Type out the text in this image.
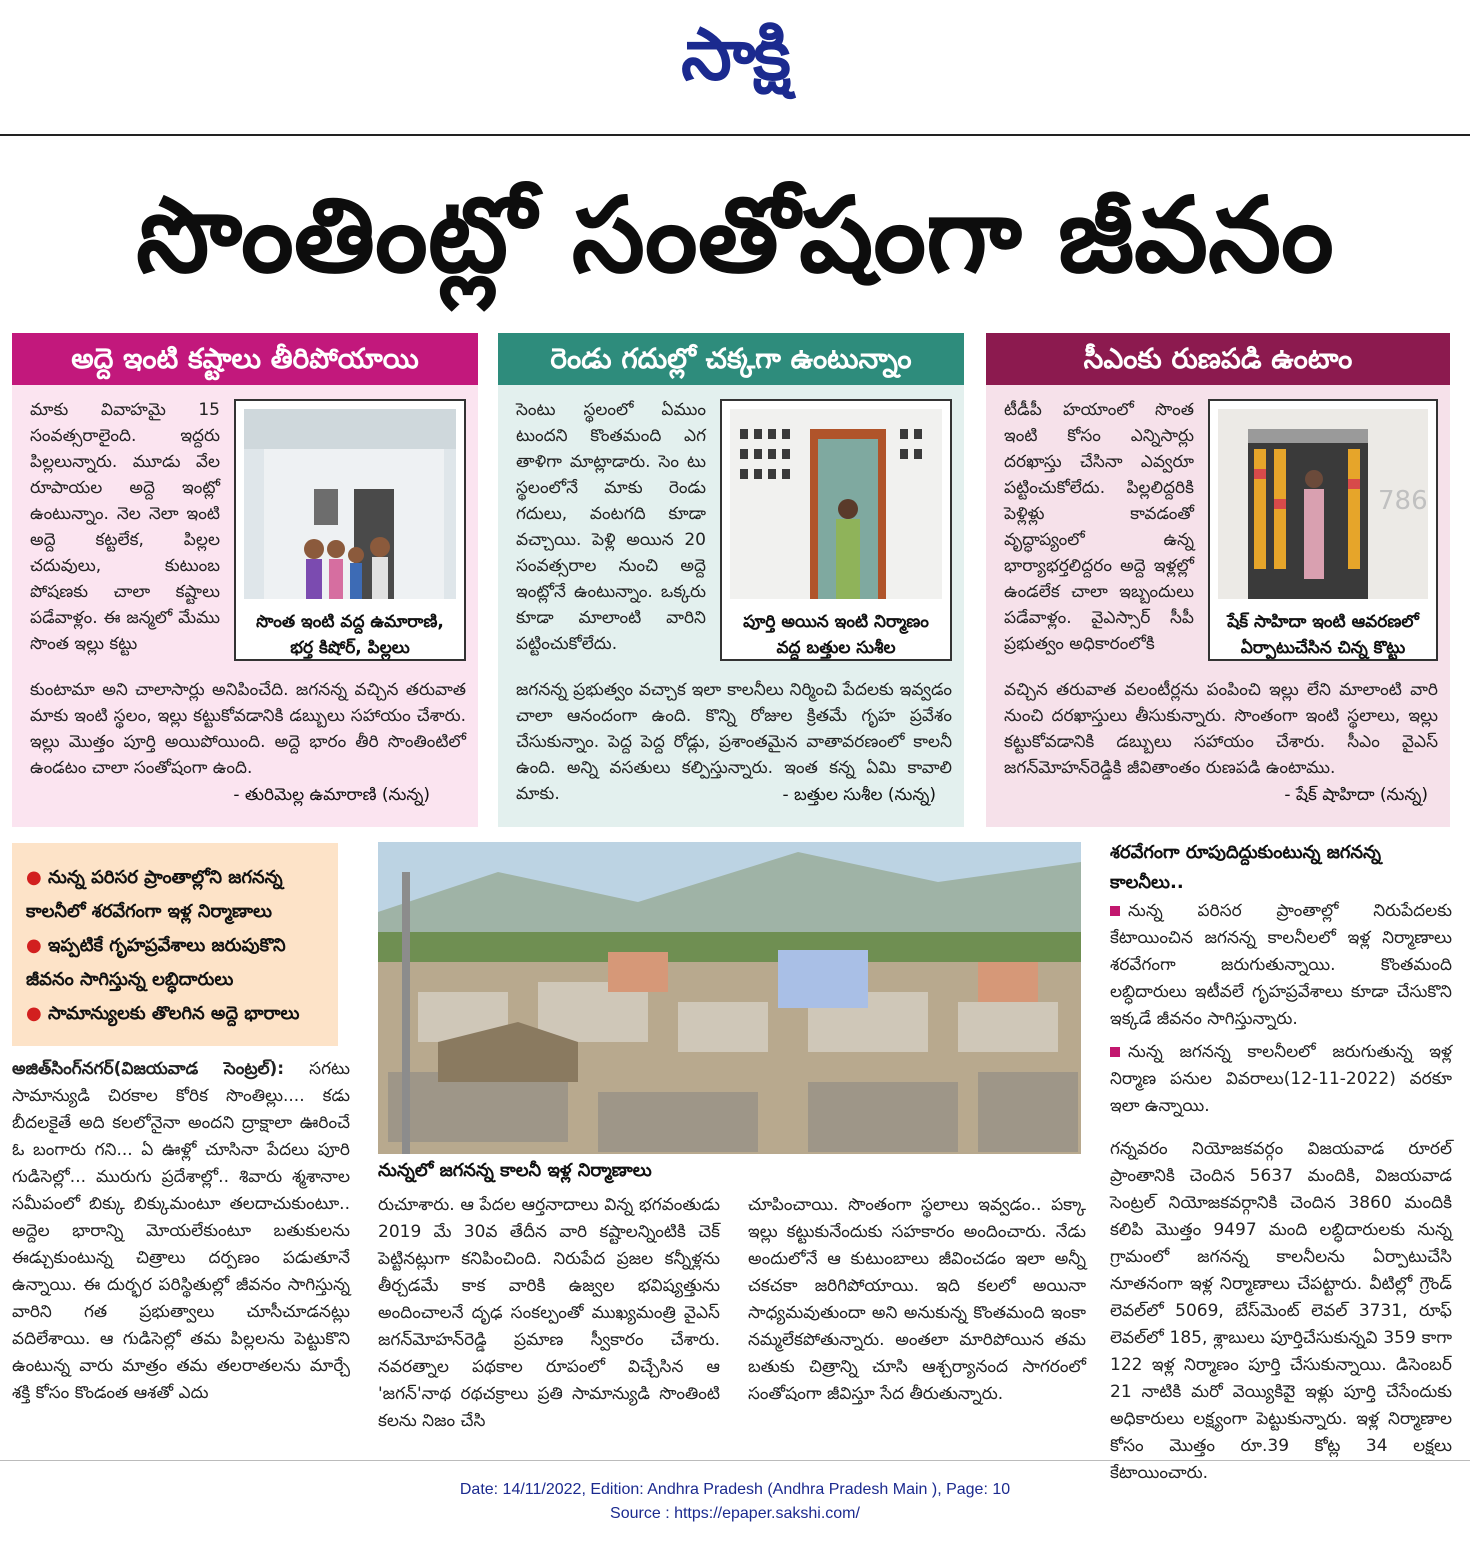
సాక్షి
సొంతింట్లో సంతోషంగా జీవనం
అద్దె ఇంటి కష్టాలు తీరిపోయాయి
మాకు వివాహమై 15 సంవత్సరాలైంది. ఇద్దరు పిల్లలున్నారు. మూడు వేల రూపాయల అద్దె ఇంట్లో ఉంటున్నాం. నెల నెలా ఇంటి అద్దె కట్టలేక, పిల్లల చదువులు, కుటుంబ పోషణకు చాలా కష్టాలు పడేవాళ్లం. ఈ జన్మలో మేము సొంత ఇల్లు కట్టు
సొంత ఇంటి వద్ద ఉమారాణి, భర్త కిషోర్, పిల్లలు
కుంటామా అని చాలాసార్లు అనిపించేది. జగనన్న వచ్చిన తరువాత మాకు ఇంటి స్థలం, ఇల్లు కట్టుకోవడానికి డబ్బులు సహాయం చేశారు. ఇల్లు మొత్తం పూర్తి అయిపోయింది. అద్దె భారం తీరి సొంతింటిలో ఉండటం చాలా సంతోషంగా ఉంది.
- తురిమెల్ల ఉమారాణి (నున్న)
రెండు గదుల్లో చక్కగా ఉంటున్నాం
సెంటు స్థలంలో ఏముం టుందని కొంతమంది ఎగ తాళిగా మాట్లాడారు. సెం టు స్థలంలోనే మాకు రెండు గదులు, వంటగది కూడా వచ్చాయి. పెళ్లి అయిన 20 సంవత్సరాల నుంచి అద్దె ఇంట్లోనే ఉంటున్నాం. ఒక్కరు కూడా మాలాంటి వారిని పట్టించుకోలేదు.
పూర్తి అయిన ఇంటి నిర్మాణం వద్ద బత్తుల సుశీల
జగనన్న ప్రభుత్వం వచ్చాక ఇలా కాలనీలు నిర్మించి పేదలకు ఇవ్వడం చాలా ఆనందంగా ఉంది. కొన్ని రోజుల క్రితమే గృహ ప్రవేశం చేసుకున్నాం. పెద్ద పెద్ద రోడ్లు, ప్రశాంతమైన వాతావరణంలో కాలనీ ఉంది. అన్ని వసతులు కల్పిస్తున్నారు. ఇంత కన్న ఏమి కావాలి మాకు.	- బత్తుల సుశీల (నున్న)
సీఎంకు రుణపడి ఉంటాం
టీడీపీ హయాంలో సొంత ఇంటి కోసం ఎన్నిసార్లు దరఖాస్తు చేసినా ఎవ్వరూ పట్టించుకోలేదు. పిల్లలిద్దరికి పెళ్లిళ్లు కావడంతో వృద్ధాప్యంలో ఉన్న భార్యాభర్తలిద్దరం అద్దె ఇళ్లల్లో ఉండలేక చాలా ఇబ్బందులు పడేవాళ్లం. వైఎస్సార్ సీపీ ప్రభుత్వం అధికారంలోకి
786
షేక్ సాహిదా ఇంటి ఆవరణలో ఏర్పాటుచేసిన చిన్న కొట్టు
వచ్చిన తరువాత వలంటీర్లను పంపించి ఇల్లు లేని మాలాంటి వారి నుంచి దరఖాస్తులు తీసుకున్నారు. సొంతంగా ఇంటి స్థలాలు, ఇల్లు కట్టుకోవడానికి డబ్బులు సహాయం చేశారు. సీఎం వైఎస్ జగన్‌మోహన్‌రెడ్డికి జీవితాంతం రుణపడి ఉంటాము.
- షేక్ షాహిదా (నున్న)
● నున్న పరిసర ప్రాంతాల్లోని జగనన్న కాలనీలో శరవేగంగా ఇళ్ల నిర్మాణాలు
● ఇప్పటికే గృహప్రవేశాలు జరుపుకొని జీవనం సాగిస్తున్న లబ్ధిదారులు
● సామాన్యులకు తొలగిన అద్దె భారాలు
నున్నలో జగనన్న కాలనీ ఇళ్ల నిర్మాణాలు
అజిత్‌సింగ్‌నగర్(విజయవాడ సెంట్రల్): సగటు సామాన్యుడి చిరకాల కోరిక సొంతిల్లు.... కడు బీదలకైతే అది కలలోనైనా అందని ద్రాక్షాలా ఊరించే ఓ బంగారు గని... ఏ ఊళ్లో చూసినా పేదలు పూరి గుడిసెల్లో... మురుగు ప్రదేశాల్లో.. శివారు శ్మశానాల సమీపంలో బిక్కు బిక్కుమంటూ తలదాచుకుంటూ.. అద్దెల భారాన్ని మోయలేకుంటూ బతుకులను ఈడ్చుకుంటున్న చిత్రాలు దర్పణం పడుతూనే ఉన్నాయి. ఈ దుర్భర పరిస్థితుల్లో జీవనం సాగిస్తున్న వారిని గత ప్రభుత్వాలు చూసీచూడనట్లు వదిలేశాయి. ఆ గుడిసెల్లో తమ పిల్లలను పెట్టుకొని ఉంటున్న వారు మాత్రం తమ తలరాతలను మార్చే శక్తి కోసం కొండంత ఆశతో ఎదు
రుచూశారు. ఆ పేదల ఆర్తనాదాలు విన్న భగవంతుడు 2019 మే 30వ తేదీన వారి కష్టాలన్నింటికి చెక్ పెట్టినట్లుగా కనిపించింది. నిరుపేద ప్రజల కన్నీళ్లను తీర్చడమే కాక వారికి ఉజ్వల భవిష్యత్తును అందించాలనే దృఢ సంకల్పంతో ముఖ్యమంత్రి వైఎస్ జగన్‌మోహన్‌రెడ్డి ప్రమాణ స్వీకారం చేశారు. నవరత్నాల పథకాల రూపంలో విచ్చేసిన ఆ 'జగన్'నాథ రథచక్రాలు ప్రతి సామాన్యుడి సొంతింటి కలను నిజం చేసి
చూపించాయి. సొంతంగా స్థలాలు ఇవ్వడం.. పక్కా ఇల్లు కట్టుకునేందుకు సహకారం అందించారు. నేడు అందులోనే ఆ కుటుంబాలు జీవించడం ఇలా అన్నీ చకచకా జరిగిపోయాయి. ఇది కలలో అయినా సాధ్యమవుతుందా అని అనుకున్న కొంతమంది ఇంకా నమ్మలేకపోతున్నారు. అంతలా మారిపోయిన తమ బతుకు చిత్రాన్ని చూసి ఆశ్చర్యానంద సాగరంలో సంతోషంగా జీవిస్తూ సేద తీరుతున్నారు.
శరవేగంగా రూపుదిద్దుకుంటున్న జగనన్న కాలనీలు..
నున్న పరిసర ప్రాంతాల్లో నిరుపేదలకు కేటాయించిన జగనన్న కాలనీలలో ఇళ్ల నిర్మాణాలు శరవేగంగా జరుగుతున్నాయి. కొంతమంది లబ్ధిదారులు ఇటీవలే గృహప్రవేశాలు కూడా చేసుకొని ఇక్కడే జీవనం సాగిస్తున్నారు.
నున్న జగనన్న కాలనీలలో జరుగుతున్న ఇళ్ల నిర్మాణ పనుల వివరాలు(12-11-2022) వరకూ ఇలా ఉన్నాయి.
గన్నవరం నియోజకవర్గం విజయవాడ రూరల్ ప్రాంతానికి చెందిన 5637 మందికి, విజయవాడ సెంట్రల్ నియోజకవర్గానికి చెందిన 3860 మందికి కలిపి మొత్తం 9497 మంది లబ్ధిదారులకు నున్న గ్రామంలో జగనన్న కాలనీలను ఏర్పాటుచేసి నూతనంగా ఇళ్ల నిర్మాణాలు చేపట్టారు. వీటిల్లో గ్రౌండ్ లెవల్‌లో 5069, బేస్‌మెంట్ లెవల్ 3731, రూఫ్ లెవల్‌లో 185, శ్లాబులు పూర్తిచేసుకున్నవి 359 కాగా 122 ఇళ్ల నిర్మాణం పూర్తి చేసుకున్నాయి. డిసెంబర్ 21 నాటికి మరో వెయ్యికిపైె ఇళ్లు పూర్తి చేసేందుకు అధికారులు లక్ష్యంగా పెట్టుకున్నారు. ఇళ్ల నిర్మాణాల కోసం మొత్తం రూ.39 కోట్ల 34 లక్షలు కేటాయించారు.
Date: 14/11/2022, Edition: Andhra Pradesh (Andhra Pradesh Main ), Page: 10
Source : https://epaper.sakshi.com/
